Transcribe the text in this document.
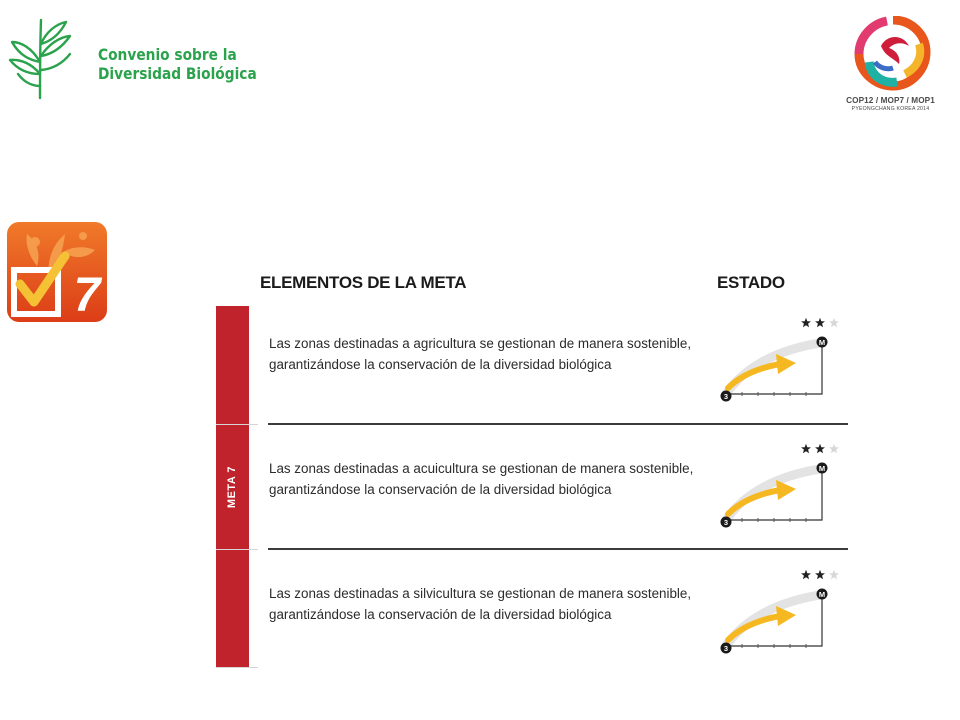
Convenio sobre la
Diversidad Biológica
COP12 / MOP7 / MOP1
PYEONGCHANG KOREA 2014
7	ELEMENTOS DE LA META	ESTADO
META 7
Las zonas destinadas a agricultura se gestionan de manera sostenible, garantizándose la conservación de la diversidad biológica
Las zonas destinadas a acuicultura se gestionan de manera sostenible, garantizándose la conservación de la diversidad biológica
Las zonas destinadas a silvicultura se gestionan de manera sostenible, garantizándose la conservación de la diversidad biológica
3
M
3
M
3
M
